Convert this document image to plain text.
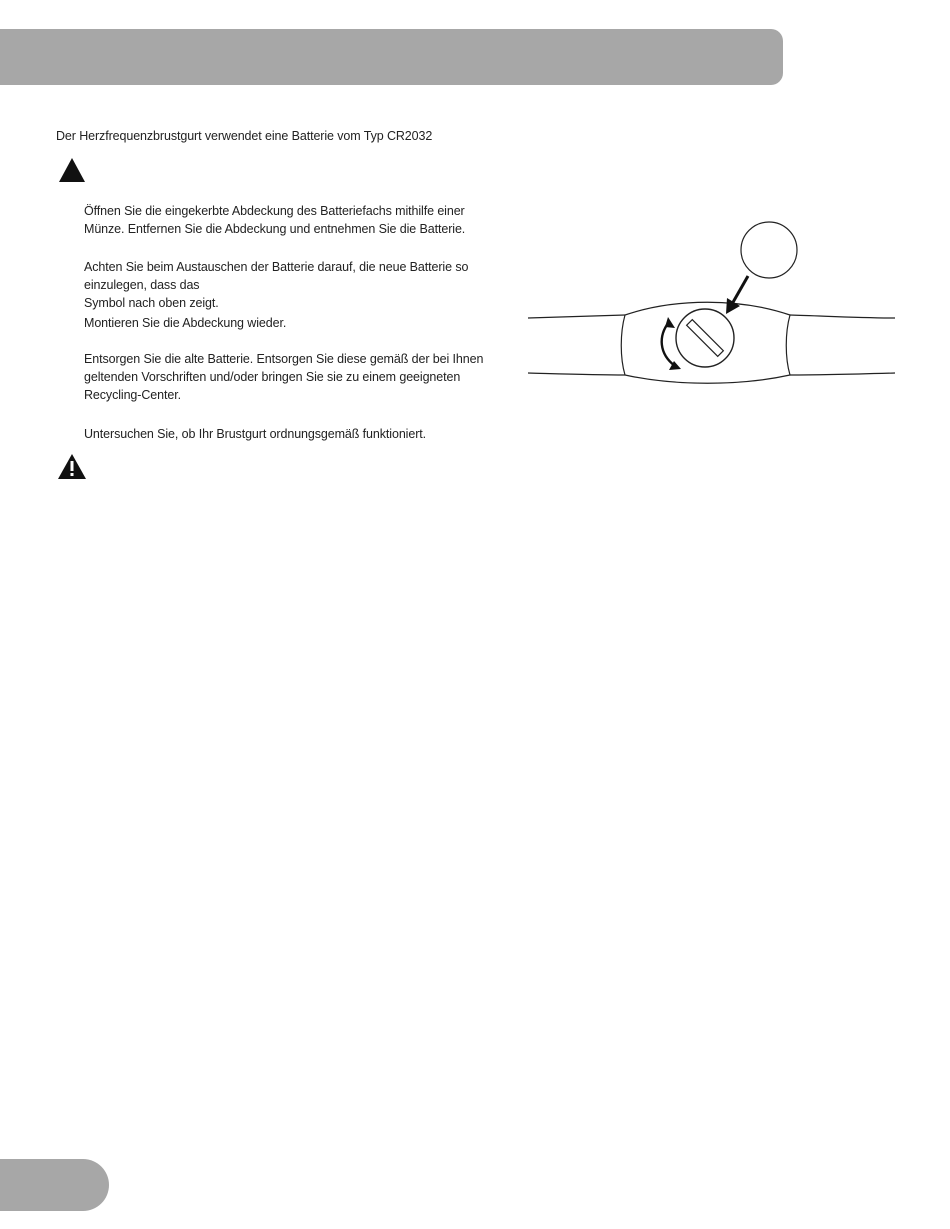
Der Herzfrequenzbrustgurt verwendet eine Batterie vom Typ CR2032
Öffnen Sie die eingekerbte Abdeckung des Batteriefachs mithilfe einer
Münze. Entfernen Sie die Abdeckung und entnehmen Sie die Batterie.
Achten Sie beim Austauschen der Batterie darauf, die neue Batterie so
einzulegen, dass das
Symbol nach oben zeigt.
Montieren Sie die Abdeckung wieder.
Entsorgen Sie die alte Batterie. Entsorgen Sie diese gemäß der bei Ihnen
geltenden Vorschriften und/oder bringen Sie sie zu einem geeigneten
Recycling-Center.
Untersuchen Sie, ob Ihr Brustgurt ordnungsgemäß funktioniert.
